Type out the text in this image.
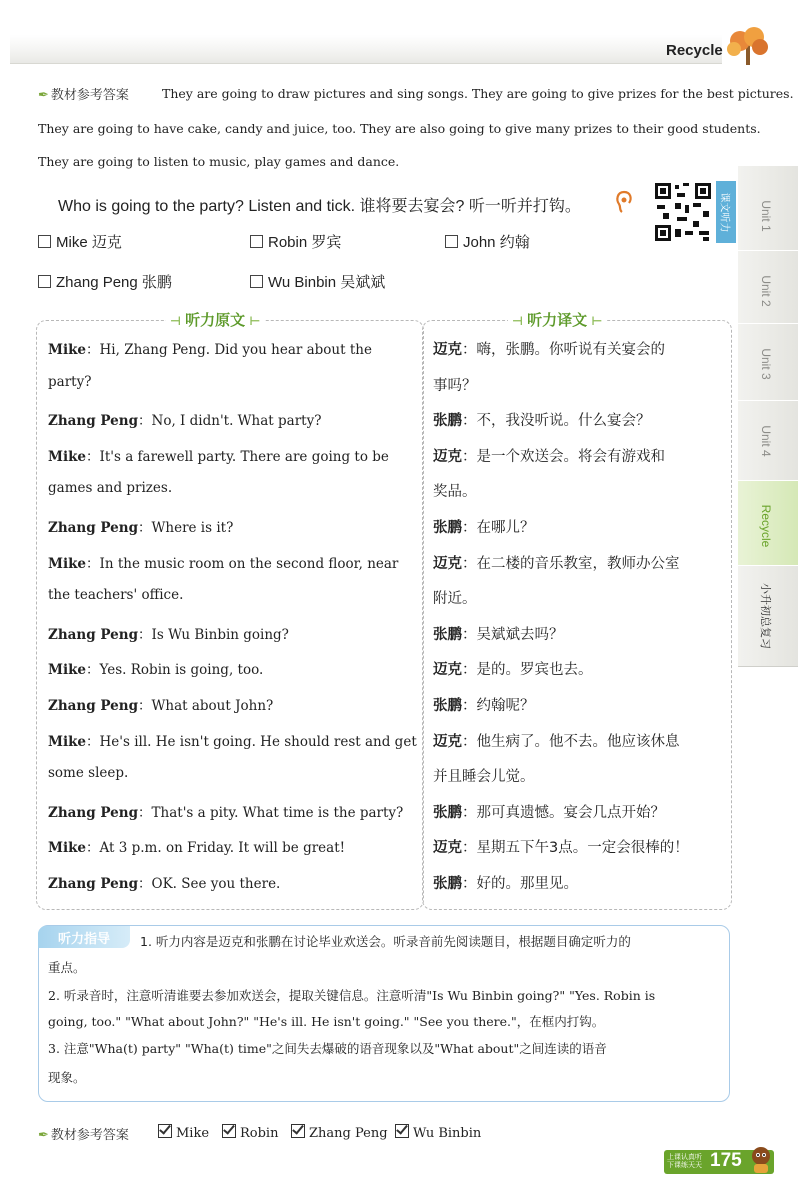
Recycle
Unit 1
Unit 2
Unit 3
Unit 4
Recycle
小升初总复习
✒ 教材参考答案	They are going to draw pictures and sing songs. They are going to give prizes for the best pictures.
They are going to have cake, candy and juice, too. They are also going to give many prizes to their good students.
They are going to listen to music, play games and dance.
Who is going to the party? Listen and tick. 谁将要去宴会? 听一听并打钩。	课文听力
Mike 迈克	Robin 罗宾	John 约翰
Zhang Peng 张鹏	Wu Binbin 吴斌斌
⊣ 听力原文 ⊢	⊣ 听力译文 ⊢
Mike：Hi, Zhang Peng. Did you hear about the
party?
Zhang Peng：No, I didn't. What party?
Mike：It's a farewell party. There are going to be
games and prizes.
Zhang Peng：Where is it?
Mike：In the music room on the second floor, near
the teachers' office.
Zhang Peng：Is Wu Binbin going?
Mike：Yes. Robin is going, too.
Zhang Peng：What about John?
Mike：He's ill. He isn't going. He should rest and get
some sleep.
Zhang Peng：That's a pity. What time is the party?
Mike：At 3 p.m. on Friday. It will be great!
Zhang Peng：OK. See you there.
迈克：嗨，张鹏。你听说有关宴会的
事吗？
张鹏：不，我没听说。什么宴会？
迈克：是一个欢送会。将会有游戏和
奖品。
张鹏：在哪儿？
迈克：在二楼的音乐教室，教师办公室
附近。
张鹏：吴斌斌去吗？
迈克：是的。罗宾也去。
张鹏：约翰呢？
迈克：他生病了。他不去。他应该休息
并且睡会儿觉。
张鹏：那可真遗憾。宴会几点开始？
迈克：星期五下午3点。一定会很棒的！
张鹏：好的。那里见。
听力指导	1. 听力内容是迈克和张鹏在讨论毕业欢送会。听录音前先阅读题目，根据题目确定听力的
重点。
2. 听录音时，注意听清谁要去参加欢送会，提取关键信息。注意听清"Is Wu Binbin going?" "Yes. Robin is
going, too." "What about John?" "He's ill. He isn't going." "See you there."，在框内打钩。
3. 注意"Wha(t) party" "Wha(t) time"之间失去爆破的语音现象以及"What about"之间连读的语音
现象。
✒ 教材参考答案	Mike	Robin	Zhang Peng	Wu Binbin
上课认真听
下课练天天 175
